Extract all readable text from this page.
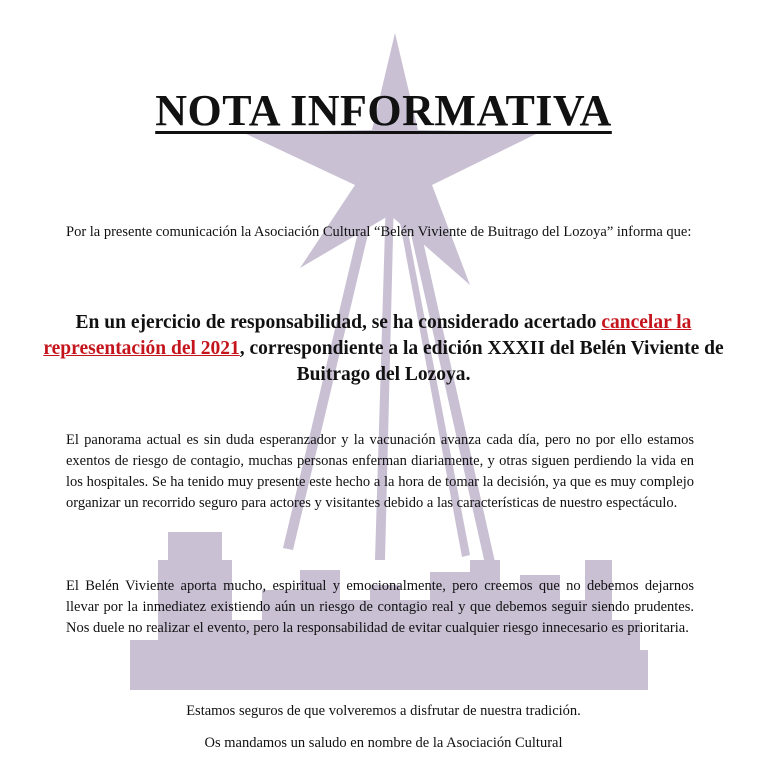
NOTA INFORMATIVA

Por la presente comunicación la Asociación Cultural “Belén Viviente de Buitrago del Lozoya” informa que:

En un ejercicio de responsabilidad, se ha considerado acertado cancelar la representación del 2021, correspondiente a la edición XXXII del Belén Viviente de Buitrago del Lozoya.

El panorama actual es sin duda esperanzador y la vacunación avanza cada día, pero no por ello estamos exentos de riesgo de contagio, muchas personas enferman diariamente, y otras siguen perdiendo la vida en los hospitales. Se ha tenido muy presente este hecho a la hora de tomar la decisión, ya que es muy complejo organizar un recorrido seguro para actores y visitantes debido a las características de nuestro espectáculo.

El Belén Viviente aporta mucho, espiritual y emocionalmente, pero creemos que no debemos dejarnos llevar por la inmediatez existiendo aún un riesgo de contagio real y que debemos seguir siendo prudentes. Nos duele no realizar el evento, pero la responsabilidad de evitar cualquier riesgo innecesario es prioritaria.

Estamos seguros de que volveremos a disfrutar de nuestra tradición.

Os mandamos un saludo en nombre de la Asociación Cultural
